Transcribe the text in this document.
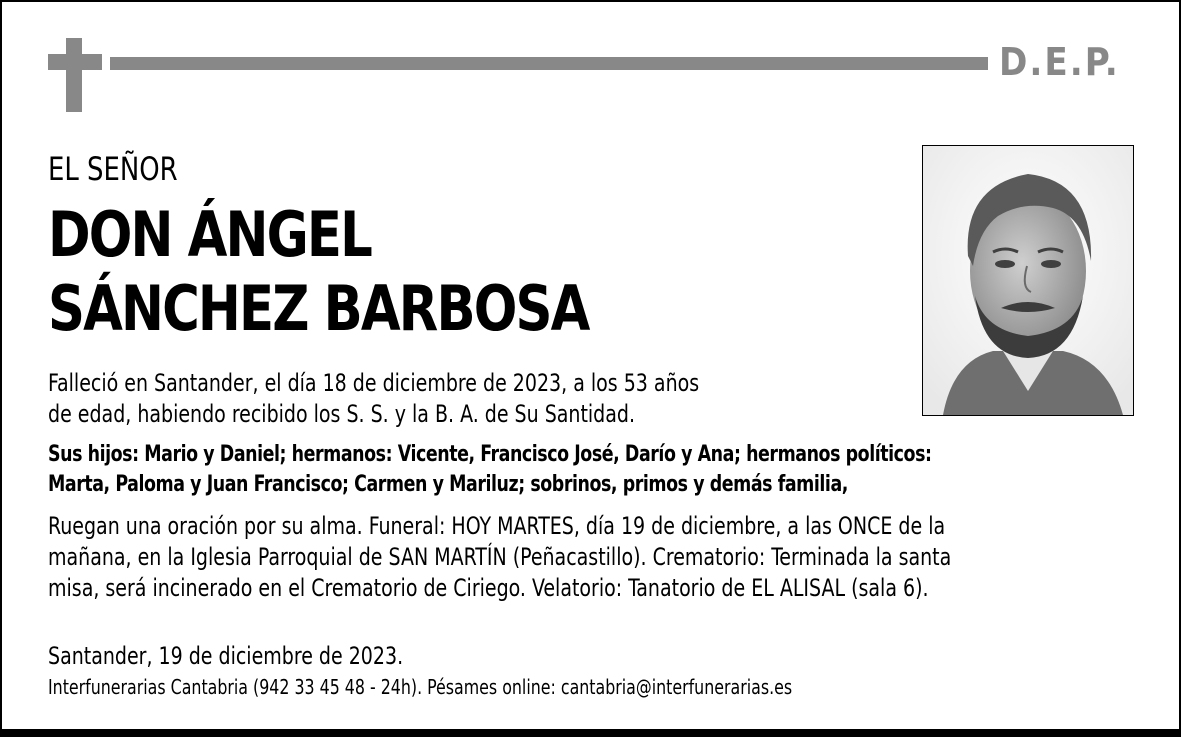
D.E.P.
EL SEÑOR
DON ÁNGEL
SÁNCHEZ BARBOSA
Falleció en Santander, el día 18 de diciembre de 2023, a los 53 años
de edad, habiendo recibido los S. S. y la B. A. de Su Santidad.
Sus hijos: Mario y Daniel; hermanos: Vicente, Francisco José, Darío y Ana; hermanos políticos:
Marta, Paloma y Juan Francisco; Carmen y Mariluz; sobrinos, primos y demás familia,
Ruegan una oración por su alma. Funeral: HOY MARTES, día 19 de diciembre, a las ONCE de la
mañana, en la Iglesia Parroquial de SAN MARTÍN (Peñacastillo). Crematorio: Terminada la santa
misa, será incinerado en el Crematorio de Ciriego. Velatorio: Tanatorio de EL ALISAL (sala 6).
Santander, 19 de diciembre de 2023.
Interfunerarias Cantabria (942 33 45 48 - 24h). Pésames online: cantabria@interfunerarias.es
